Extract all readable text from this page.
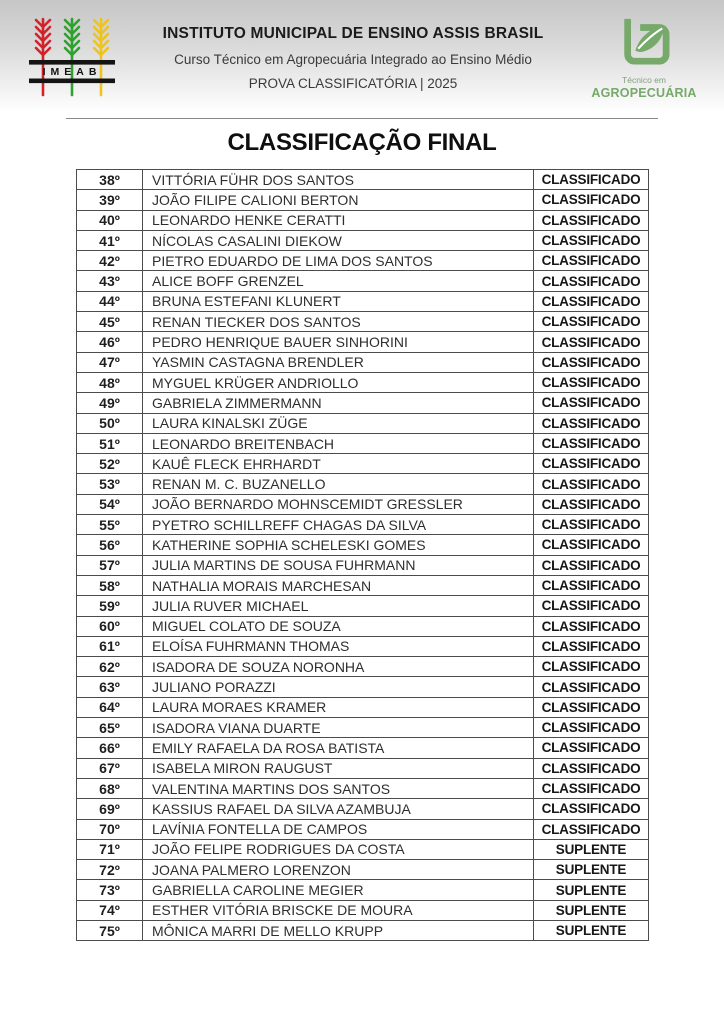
IMEAB
INSTITUTO MUNICIPAL DE ENSINO ASSIS BRASIL
Curso Técnico em Agropecuária Integrado ao Ensino Médio
PROVA CLASSIFICATÓRIA | 2025	Técnico em
AGROPECUÁRIA
CLASSIFICAÇÃO FINAL
38º	VITTÓRIA FÜHR DOS SANTOS	CLASSIFICADO
39º	JOÃO FILIPE CALIONI BERTON	CLASSIFICADO
40º	LEONARDO HENKE CERATTI	CLASSIFICADO
41º	NÍCOLAS CASALINI DIEKOW	CLASSIFICADO
42º	PIETRO EDUARDO DE LIMA DOS SANTOS	CLASSIFICADO
43º	ALICE BOFF GRENZEL	CLASSIFICADO
44º	BRUNA ESTEFANI KLUNERT	CLASSIFICADO
45º	RENAN TIECKER DOS SANTOS	CLASSIFICADO
46º	PEDRO HENRIQUE BAUER SINHORINI	CLASSIFICADO
47º	YASMIN CASTAGNA BRENDLER	CLASSIFICADO
48º	MYGUEL KRÜGER ANDRIOLLO	CLASSIFICADO
49º	GABRIELA ZIMMERMANN	CLASSIFICADO
50º	LAURA KINALSKI ZÜGE	CLASSIFICADO
51º	LEONARDO BREITENBACH	CLASSIFICADO
52º	KAUÊ FLECK EHRHARDT	CLASSIFICADO
53º	RENAN M. C. BUZANELLO	CLASSIFICADO
54º	JOÃO BERNARDO MOHNSCEMIDT GRESSLER	CLASSIFICADO
55º	PYETRO SCHILLREFF CHAGAS DA SILVA	CLASSIFICADO
56º	KATHERINE SOPHIA SCHELESKI GOMES	CLASSIFICADO
57º	JULIA MARTINS DE SOUSA FUHRMANN	CLASSIFICADO
58º	NATHALIA MORAIS MARCHESAN	CLASSIFICADO
59º	JULIA RUVER MICHAEL	CLASSIFICADO
60º	MIGUEL COLATO DE SOUZA	CLASSIFICADO
61º	ELOÍSA FUHRMANN THOMAS	CLASSIFICADO
62º	ISADORA DE SOUZA NORONHA	CLASSIFICADO
63º	JULIANO PORAZZI	CLASSIFICADO
64º	LAURA MORAES KRAMER	CLASSIFICADO
65º	ISADORA VIANA DUARTE	CLASSIFICADO
66º	EMILY RAFAELA DA ROSA BATISTA	CLASSIFICADO
67º	ISABELA MIRON RAUGUST	CLASSIFICADO
68º	VALENTINA MARTINS DOS SANTOS	CLASSIFICADO
69º	KASSIUS RAFAEL DA SILVA AZAMBUJA	CLASSIFICADO
70º	LAVÍNIA FONTELLA DE CAMPOS	CLASSIFICADO
71º	JOÃO FELIPE RODRIGUES DA COSTA	SUPLENTE
72º	JOANA PALMERO LORENZON	SUPLENTE
73º	GABRIELLA CAROLINE MEGIER	SUPLENTE
74º	ESTHER VITÓRIA BRISCKE DE MOURA	SUPLENTE
75º	MÔNICA MARRI DE MELLO KRUPP	SUPLENTE
